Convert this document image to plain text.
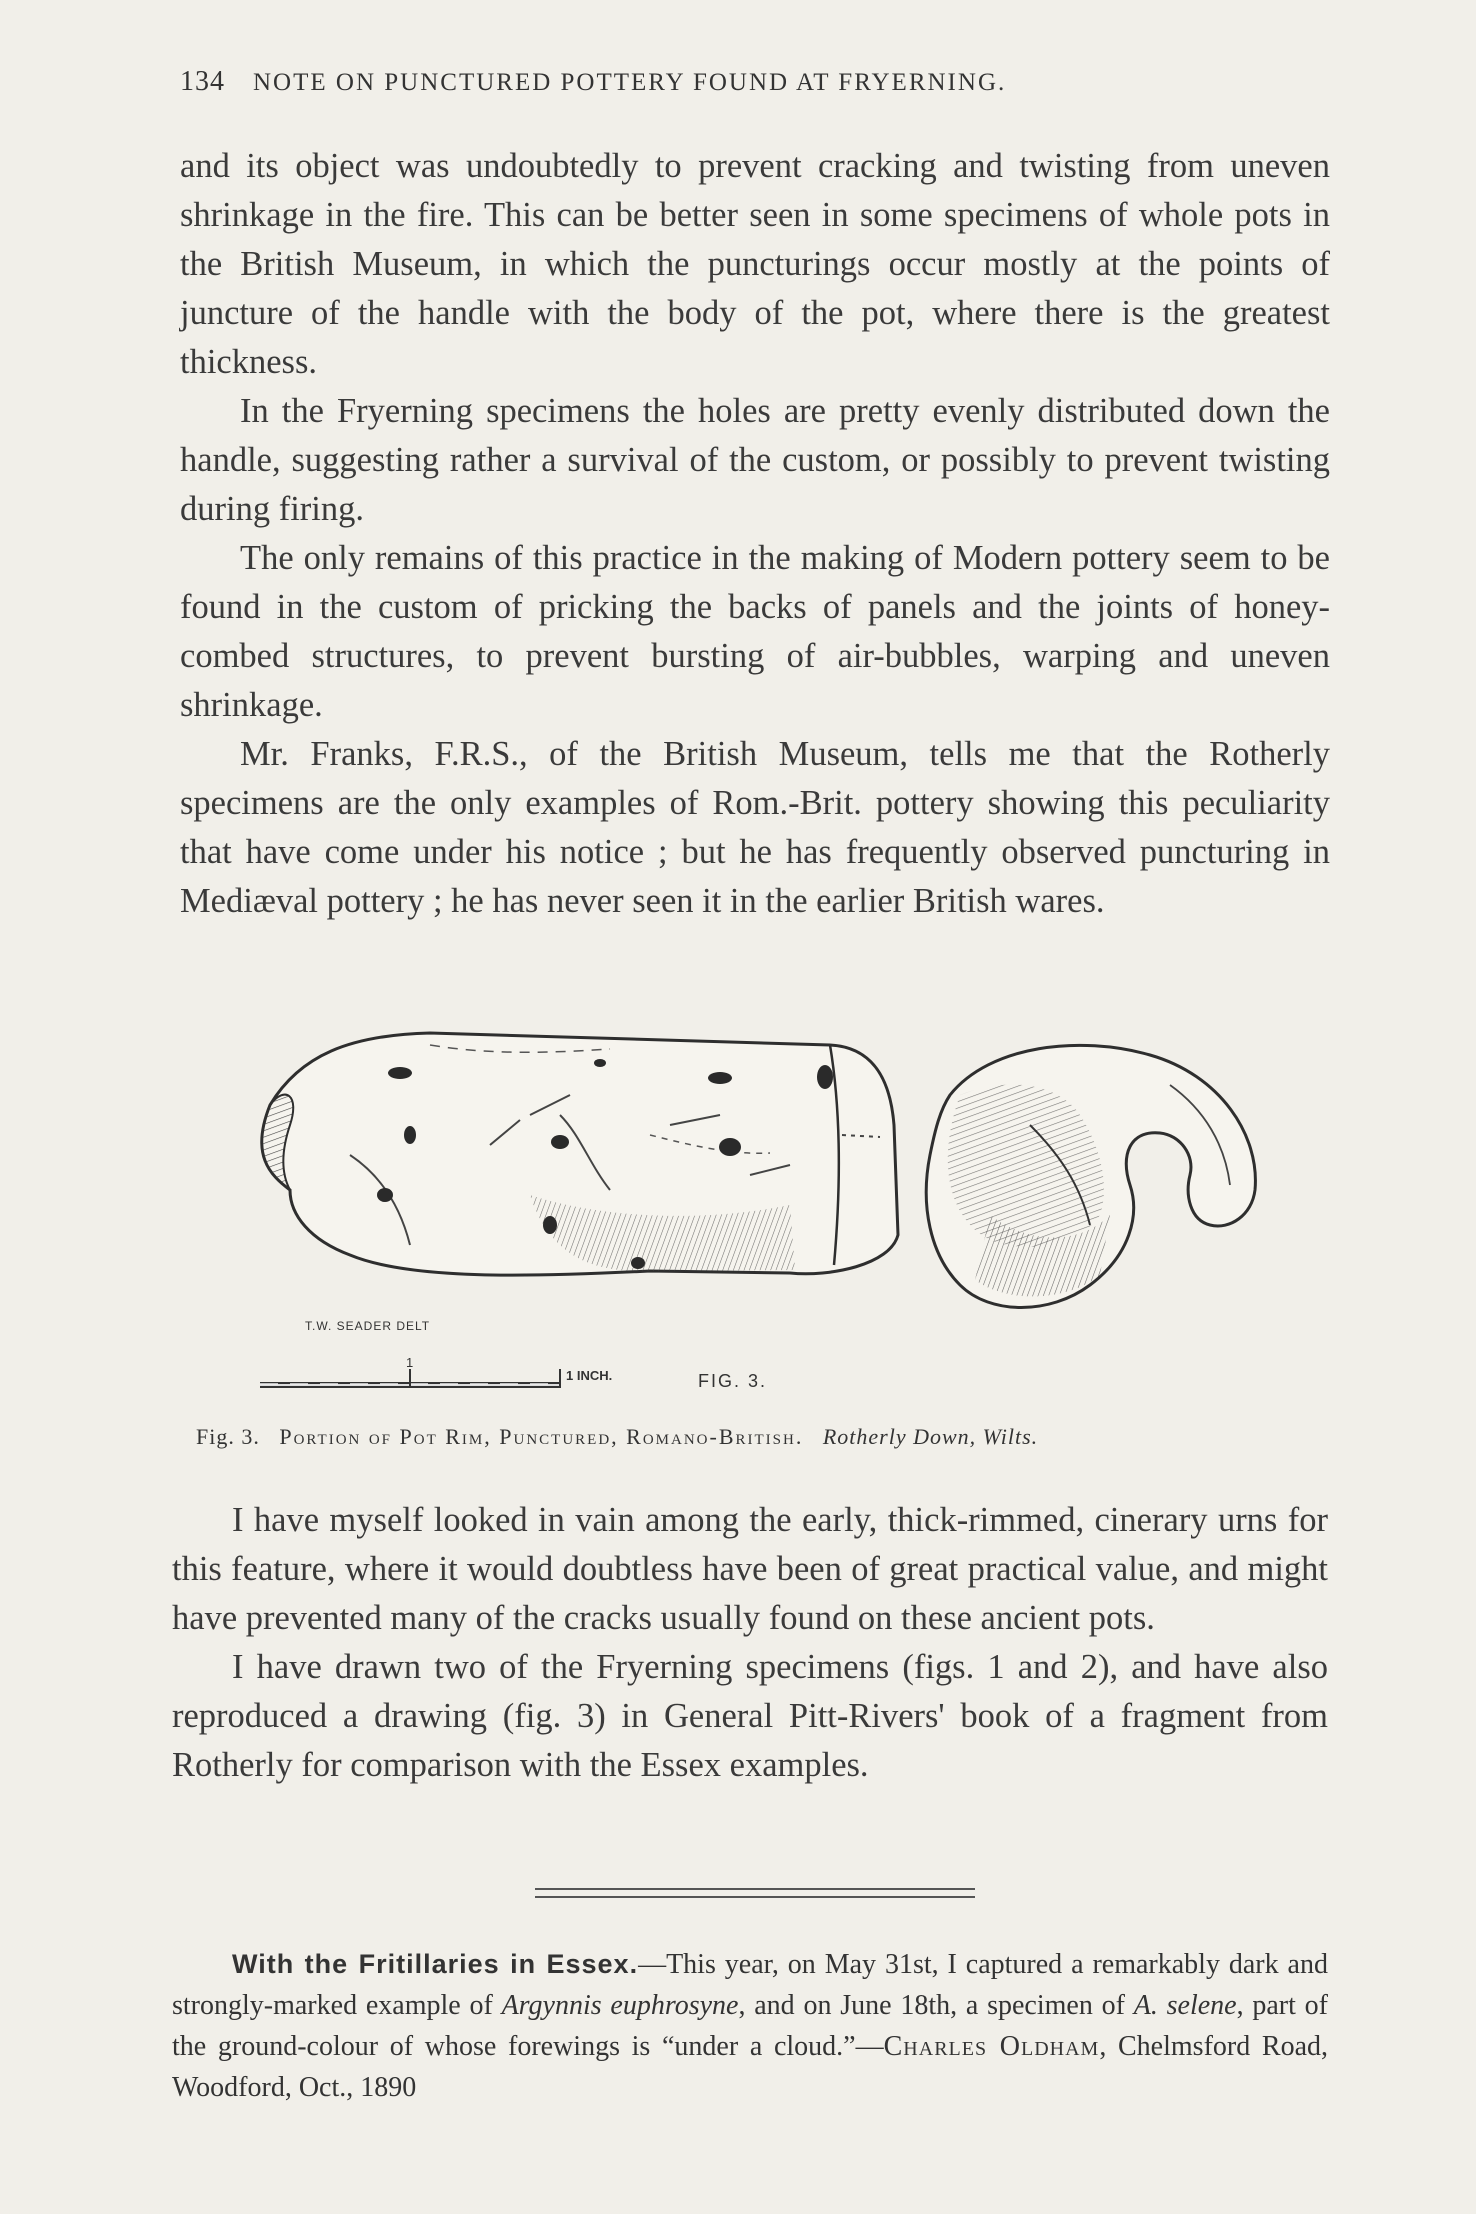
134 NOTE ON PUNCTURED POTTERY FOUND AT FRYERNING.

and its object was undoubtedly to prevent cracking and twisting from uneven shrinkage in the fire. This can be better seen in some specimens of whole pots in the British Museum, in which the puncturings occur mostly at the points of juncture of the handle with the body of the pot, where there is the greatest thickness.

In the Fryerning specimens the holes are pretty evenly distributed down the handle, suggesting rather a survival of the custom, or possibly to prevent twisting during firing.

The only remains of this practice in the making of Modern pottery seem to be found in the custom of pricking the backs of panels and the joints of honey-combed structures, to prevent bursting of air-bubbles, warping and uneven shrinkage.

Mr. Franks, F.R.S., of the British Museum, tells me that the Rotherly specimens are the only examples of Rom.-Brit. pottery showing this peculiarity that have come under his notice ; but he has frequently observed puncturing in Mediæval pottery ; he has never seen it in the earlier British wares.

T.W. SEADER DELT
1
1 INCH.	FIG. 3.
Fig. 3. Portion of Pot Rim, Punctured, Romano-British. Rotherly Down, Wilts.

I have myself looked in vain among the early, thick-rimmed, cinerary urns for this feature, where it would doubtless have been of great practical value, and might have prevented many of the cracks usually found on these ancient pots.

I have drawn two of the Fryerning specimens (figs. 1 and 2), and have also reproduced a drawing (fig. 3) in General Pitt-Rivers' book of a fragment from Rotherly for comparison with the Essex examples.

With the Fritillaries in Essex.—This year, on May 31st, I captured a remarkably dark and strongly-marked example of Argynnis euphrosyne, and on June 18th, a specimen of A. selene, part of the ground-colour of whose forewings is “under a cloud.”—Charles Oldham, Chelmsford Road, Woodford, Oct., 1890
